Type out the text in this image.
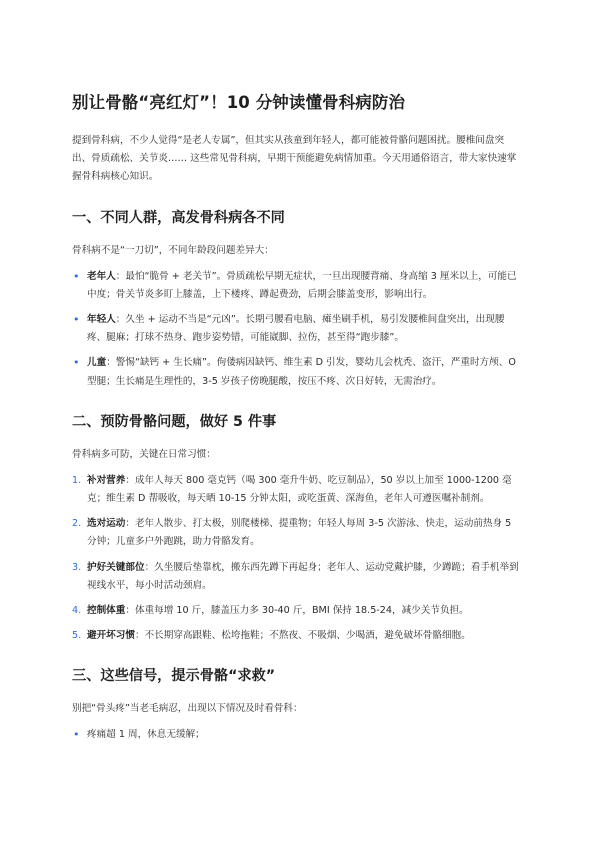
别让骨骼“亮红灯”！10 分钟读懂骨科病防治

提到骨科病，不少人觉得“是老人专属”，但其实从孩童到年轻人，都可能被骨骼问题困扰。腰椎间盘突出、骨质疏松、关节炎…… 这些常见骨科病，早期干预能避免病情加重。今天用通俗语言，带大家快速掌握骨科病核心知识。

一、不同人群，高发骨科病各不同

骨科病不是“一刀切”，不同年龄段问题差异大：

• 老年人：最怕“脆骨 + 老关节”。骨质疏松早期无症状，一旦出现腰背痛、身高缩 3 厘米以上，可能已中度；骨关节炎多盯上膝盖，上下楼疼、蹲起费劲，后期会膝盖变形，影响出行。
• 年轻人：久坐 + 运动不当是“元凶”。长期弓腰看电脑、瘫坐刷手机，易引发腰椎间盘突出，出现腰疼、腿麻；打球不热身、跑步姿势错，可能崴脚、拉伤，甚至得“跑步膝”。
• 儿童：警惕“缺钙 + 生长痛”。佝偻病因缺钙、维生素 D 引发，婴幼儿会枕秃、盗汗，严重时方颅、O 型腿；生长痛是生理性的，3-5 岁孩子傍晚腿酸，按压不疼、次日好转，无需治疗。
二、预防骨骼问题，做好 5 件事

骨科病多可防，关键在日常习惯：

1. 补对营养：成年人每天 800 毫克钙（喝 300 毫升牛奶、吃豆制品），50 岁以上加至 1000-1200 毫克；维生素 D 帮吸收，每天晒 10-15 分钟太阳，或吃蛋黄、深海鱼，老年人可遵医嘱补制剂。
2. 选对运动：老年人散步、打太极，别爬楼梯、提重物；年轻人每周 3-5 次游泳、快走，运动前热身 5 分钟；儿童多户外跑跳，助力骨骼发育。
3. 护好关键部位：久坐腰后垫靠枕，搬东西先蹲下再起身；老年人、运动党戴护膝，少蹲跪；看手机举到视线水平，每小时活动颈肩。
4. 控制体重：体重每增 10 斤，膝盖压力多 30-40 斤，BMI 保持 18.5-24，减少关节负担。
5. 避开坏习惯：不长期穿高跟鞋、松垮拖鞋；不熬夜、不吸烟、少喝酒，避免破坏骨骼细胞。
三、这些信号，提示骨骼“求救”

别把“骨头疼”当老毛病忍，出现以下情况及时看骨科：

• 疼痛超 1 周，休息无缓解；
